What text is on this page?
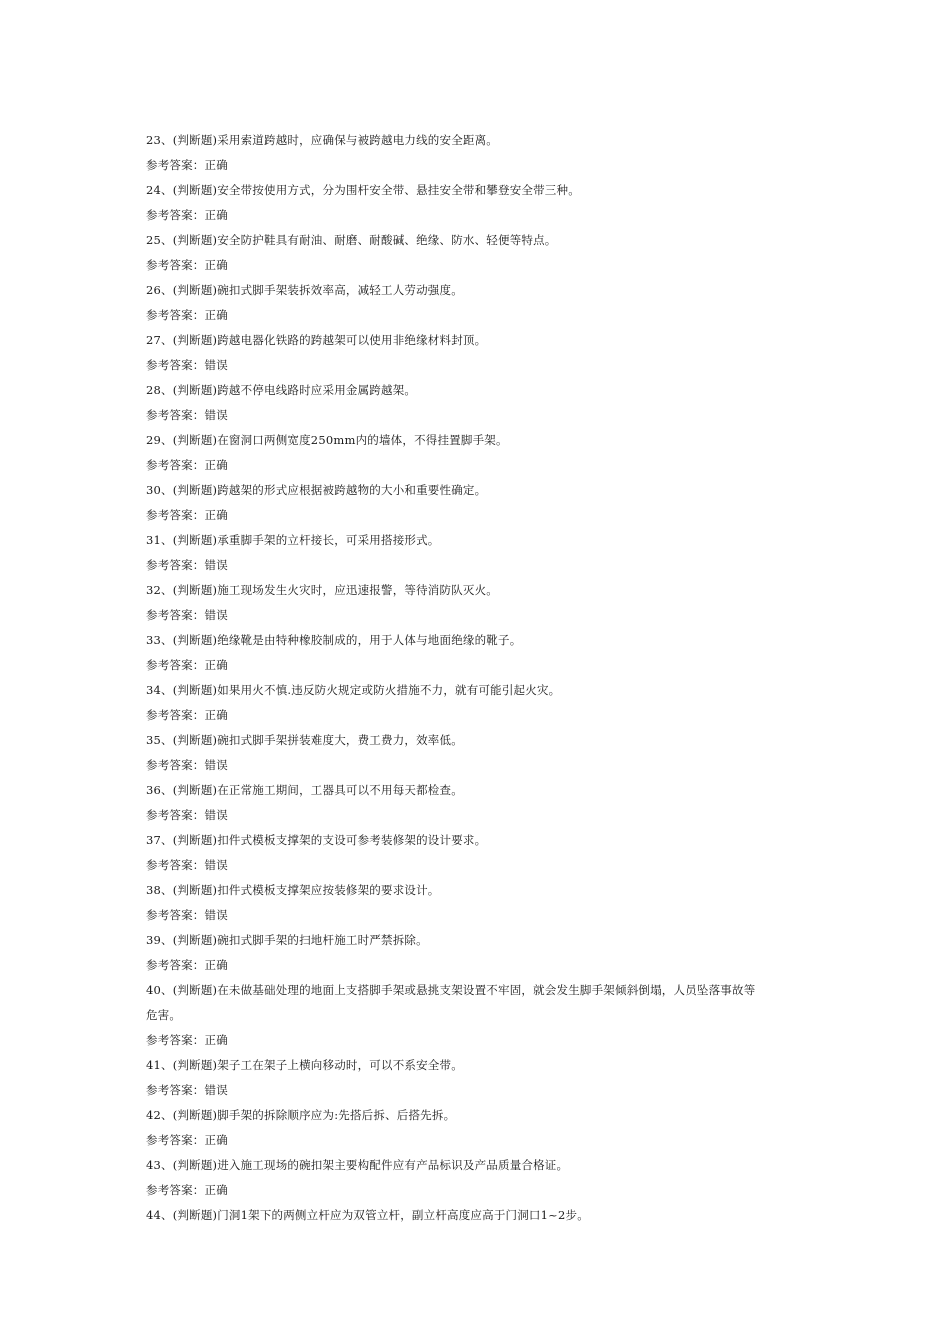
23、(判断题)采用索道跨越时，应确保与被跨越电力线的安全距离。
参考答案：正确
24、(判断题)安全带按使用方式，分为围杆安全带、悬挂安全带和攀登安全带三种。
参考答案：正确
25、(判断题)安全防护鞋具有耐油、耐磨、耐酸碱、绝缘、防水、轻便等特点。
参考答案：正确
26、(判断题)碗扣式脚手架装拆效率高，减轻工人劳动强度。
参考答案：正确
27、(判断题)跨越电器化铁路的跨越架可以使用非绝缘材料封顶。
参考答案：错误
28、(判断题)跨越不停电线路时应采用金属跨越架。
参考答案：错误
29、(判断题)在窗洞口两侧宽度250mm内的墙体，不得挂置脚手架。
参考答案：正确
30、(判断题)跨越架的形式应根据被跨越物的大小和重要性确定。
参考答案：正确
31、(判断题)承重脚手架的立杆接长，可采用搭接形式。
参考答案：错误
32、(判断题)施工现场发生火灾时，应迅速报警，等待消防队灭火。
参考答案：错误
33、(判断题)绝缘靴是由特种橡胶制成的，用于人体与地面绝缘的靴子。
参考答案：正确
34、(判断题)如果用火不慎.违反防火规定或防火措施不力，就有可能引起火灾。
参考答案：正确
35、(判断题)碗扣式脚手架拼装难度大，费工费力，效率低。
参考答案：错误
36、(判断题)在正常施工期间，工器具可以不用每天都检查。
参考答案：错误
37、(判断题)扣件式模板支撑架的支设可参考装修架的设计要求。
参考答案：错误
38、(判断题)扣件式模板支撑架应按装修架的要求设计。
参考答案：错误
39、(判断题)碗扣式脚手架的扫地杆施工时严禁拆除。
参考答案：正确
40、(判断题)在未做基础处理的地面上支搭脚手架或悬挑支架设置不牢固，就会发生脚手架倾斜倒塌，人员坠落事故等
危害。
参考答案：正确
41、(判断题)架子工在架子上横向移动时，可以不系安全带。
参考答案：错误
42、(判断题)脚手架的拆除顺序应为:先搭后拆、后搭先拆。
参考答案：正确
43、(判断题)进入施工现场的碗扣架主要构配件应有产品标识及产品质量合格证。
参考答案：正确
44、(判断题)门洞1架下的两侧立杆应为双管立杆，副立杆高度应高于门洞口1~2步。
